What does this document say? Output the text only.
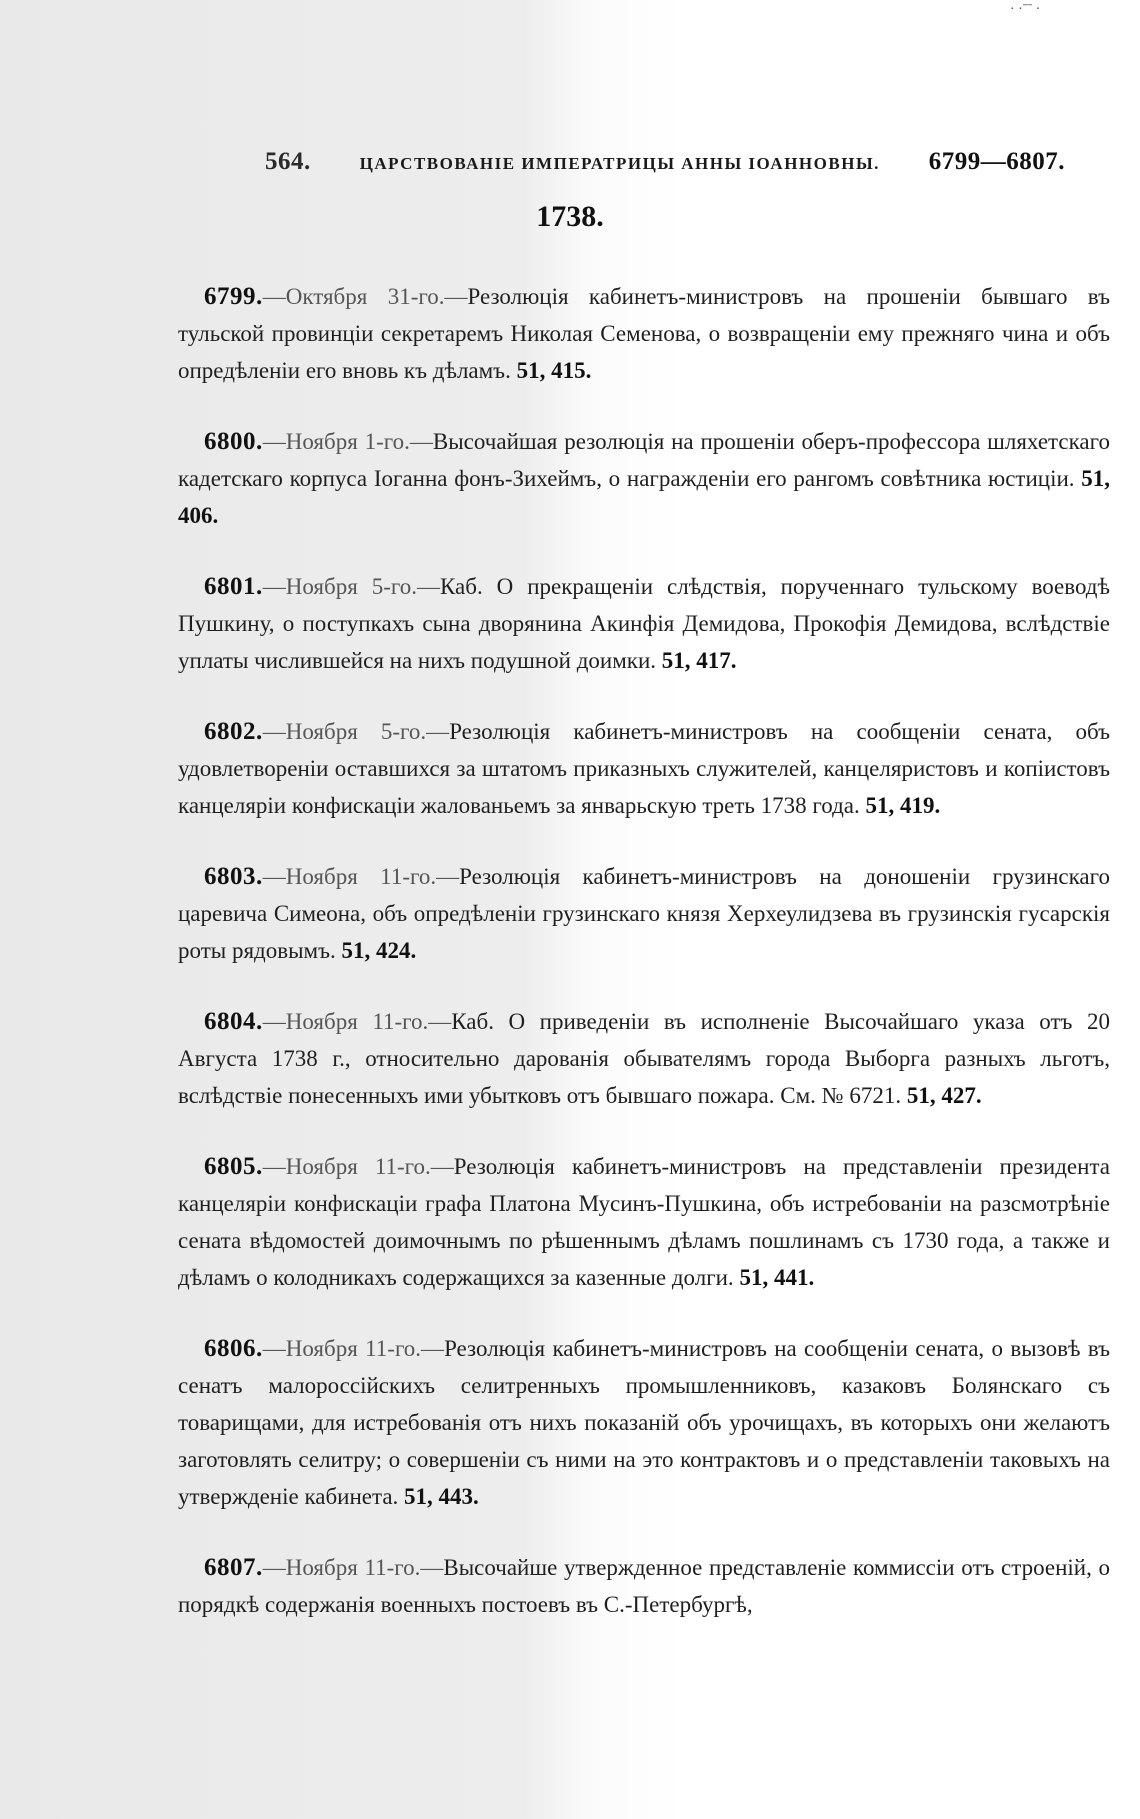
· ·ˉˉ ·
564.	ЦАРСТВОВАНІЕ ИМПЕРАТРИЦЫ АННЫ ІОАННОВНЫ. 6799—6807.
1738.

6799.—Октября 31-го.—Резолюція кабинетъ-министровъ на прошеніи бывшаго въ тульской провинціи секретаремъ Николая Семенова, о возвращеніи ему прежняго чина и объ опредѣленіи его вновь къ дѣламъ. 51, 415.

6800.—Ноября 1-го.—Высочайшая резолюція на прошеніи оберъ-профессора шляхетскаго кадетскаго корпуса Іоганна фонъ-Зихеймъ, о награжденіи его рангомъ совѣтника юстиціи. 51, 406.

6801.—Ноября 5-го.—Каб. О прекращеніи слѣдствія, порученнаго тульскому воеводѣ Пушкину, о поступкахъ сына дворянина Акинфія Демидова, Прокофія Демидова, вслѣдствіе уплаты числившейся на нихъ подушной доимки. 51, 417.

6802.—Ноября 5-го.—Резолюція кабинетъ-министровъ на сообщеніи сената, объ удовлетвореніи оставшихся за штатомъ приказныхъ служителей, канцеляристовъ и копіистовъ канцеляріи конфискаціи жалованьемъ за январьскую треть 1738 года. 51, 419.

6803.—Ноября 11-го.—Резолюція кабинетъ-министровъ на доношеніи грузинскаго царевича Симеона, объ опредѣленіи грузинскаго князя Херхеулидзева въ грузинскія гусарскія роты рядовымъ. 51, 424.

6804.—Ноября 11-го.—Каб. О приведеніи въ исполненіе Высочайшаго указа отъ 20 Августа 1738 г., относительно дарованія обывателямъ города Выборга разныхъ льготъ, вслѣдствіе понесенныхъ ими убытковъ отъ бывшаго пожара. См. № 6721. 51, 427.

6805.—Ноября 11-го.—Резолюція кабинетъ-министровъ на представленіи президента канцеляріи конфискаціи графа Платона Мусинъ-Пушкина, объ истребованіи на разсмотрѣніе сената вѣдомостей доимочнымъ по рѣшеннымъ дѣламъ пошлинамъ съ 1730 года, а также и дѣламъ о колодникахъ содержащихся за казенные долги. 51, 441.

6806.—Ноября 11-го.—Резолюція кабинетъ-министровъ на сообщеніи сената, о вызовѣ въ сенатъ малороссійскихъ селитренныхъ промышленниковъ, казаковъ Болянскаго съ товарищами, для истребованія отъ нихъ показаній объ урочищахъ, въ которыхъ они желаютъ заготовлять селитру; о совершеніи съ ними на это контрактовъ и о представленіи таковыхъ на утвержденіе кабинета. 51, 443.

6807.—Ноября 11-го.—Высочайше утвержденное представленіе коммиссіи отъ строеній, о порядкѣ содержанія военныхъ постоевъ въ С.-Петербургѣ,
